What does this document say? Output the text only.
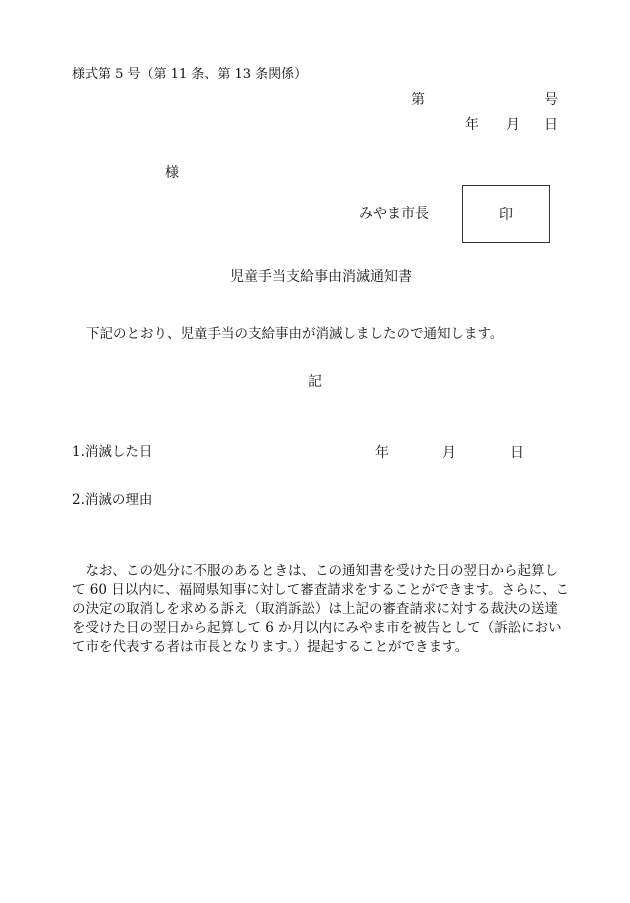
様式第 5 号（第 11 条、第 13 条関係）
第	号
年 月 日
様
みやま市長	印
児童手当支給事由消滅通知書
下記のとおり、児童手当の支給事由が消滅しましたので通知します。
記
1.消滅した日	年	月	日
2.消滅の理由
　なお、この処分に不服のあるときは、この通知書を受けた日の翌日から起算し
て 60 日以内に、福岡県知事に対して審査請求をすることができます。さらに、こ
の決定の取消しを求める訴え（取消訴訟）は上記の審査請求に対する裁決の送達
を受けた日の翌日から起算して 6 か月以内にみやま市を被告として（訴訟におい
て市を代表する者は市長となります。）提起することができます。
